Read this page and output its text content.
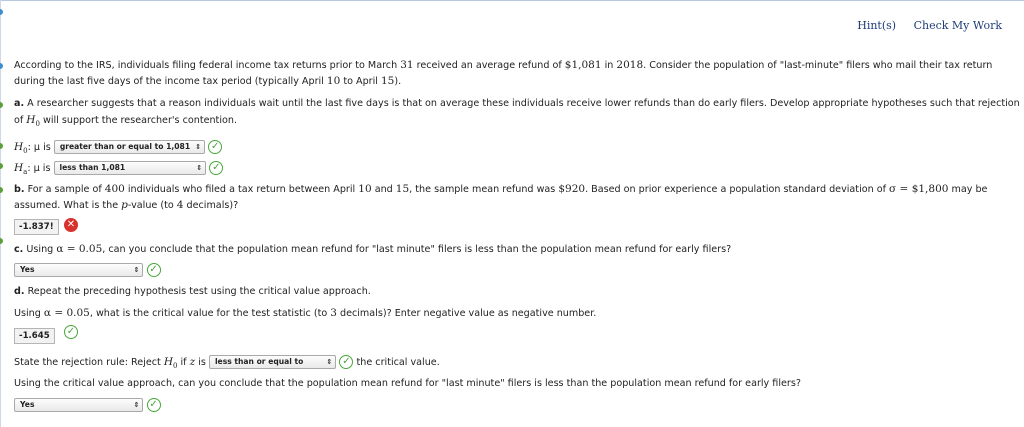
Hint(s) Check My Work
According to the IRS, individuals filing federal income tax returns prior to March 31 received an average refund of $1,081 in 2018. Consider the population of "last-minute" filers who mail their tax return
during the last five days of the income tax period (typically April 10 to April 15).
a. A researcher suggests that a reason individuals wait until the last five days is that on average these individuals receive lower refunds than do early filers. Develop appropriate hypotheses such that rejection
of $H_0$ will support the researcher's contention.
$H_0$: μ is greater than or equal to 1,081 ⇕ ✓
$H_a$: μ is less than 1,081	⇕ ✓
b. For a sample of 400 individuals who filed a tax return between April 10 and 15, the sample mean refund was $920. Based on prior experience a population standard deviation of σ = $1,800 may be
assumed. What is the p-value (to 4 decimals)?
-1.837!	✕
c. Using α = 0.05, can you conclude that the population mean refund for "last minute" filers is less than the population mean refund for early filers?
Yes	⇕ ✓
d. Repeat the preceding hypothesis test using the critical value approach.
Using α = 0.05, what is the critical value for the test statistic (to 3 decimals)? Enter negative value as negative number.
-1.645	✓
State the rejection rule: Reject $H_0$ if z is less than or equal to	⇕ ✓ the critical value.
Using the critical value approach, can you conclude that the population mean refund for "last minute" filers is less than the population mean refund for early filers?
Yes	⇕ ✓
